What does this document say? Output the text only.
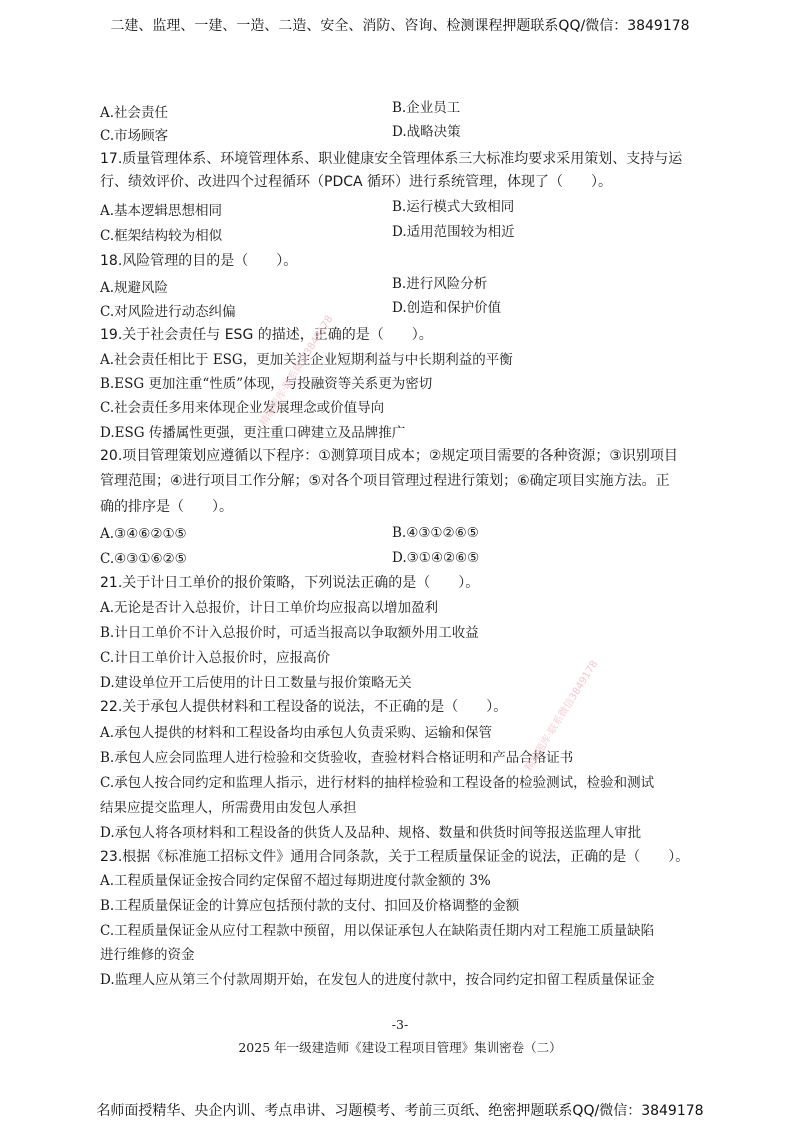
二建、监理、一建、一造、二造、安全、消防、咨询、检测课程押题联系QQ/微信：3849178
A.社会责任	B.企业员工
C.市场顾客	D.战略决策
17.质量管理体系、环境管理体系、职业健康安全管理体系三大标准均要求采用策划、支持与运
行、绩效评价、改进四个过程循环（PDCA 循环）进行系统管理，体现了（　　）。
A.基本逻辑思想相同	B.运行模式大致相同
C.框架结构较为相似	D.适用范围较为相近
18.风险管理的目的是（　　）。
A.规避风险	B.进行风险分析
C.对风险进行动态纠偏	D.创造和保护价值
19.关于社会责任与 ESG 的描述，正确的是（　　）。
A.社会责任相比于 ESG，更加关注企业短期利益与中长期利益的平衡
B.ESG 更加注重“性质”体现，与投融资等关系更为密切
C.社会责任多用来体现企业发展理念或价值导向
D.ESG 传播属性更强，更注重口碑建立及品牌推广
20.项目管理策划应遵循以下程序：①测算项目成本；②规定项目需要的各种资源；③识别项目
管理范围；④进行项目工作分解；⑤对各个项目管理过程进行策划；⑥确定项目实施方法。正
确的排序是（　　）。
A.③④⑥②①⑤	B.④③①②⑥⑤
C.④③①⑥②⑤	D.③①④②⑥⑤
21.关于计日工单价的报价策略，下列说法正确的是（　　）。
A.无论是否计入总报价，计日工单价均应报高以增加盈利
B.计日工单价不计入总报价时，可适当报高以争取额外用工收益
C.计日工单价计入总报价时，应报高价
D.建设单位开工后使用的计日工数量与报价策略无关
22.关于承包人提供材料和工程设备的说法，不正确的是（　　）。
A.承包人提供的材料和工程设备均由承包人负责采购、运输和保管
B.承包人应会同监理人进行检验和交货验收，查验材料合格证明和产品合格证书
C.承包人按合同约定和监理人指示，进行材料的抽样检验和工程设备的检验测试，检验和测试
结果应提交监理人，所需费用由发包人承担
D.承包人将各项材料和工程设备的供货人及品种、规格、数量和供货时间等报送监理人审批
23.根据《标准施工招标文件》通用合同条款，关于工程质量保证金的说法，正确的是（　　）。
A.工程质量保证金按合同约定保留不超过每期进度付款金额的 3%
B.工程质量保证金的计算应包括预付款的支付、扣回及价格调整的金额
C.工程质量保证金从应付工程款中预留，用以保证承包人在缺陷责任期内对工程施工质量缺陷
进行维修的资金
D.监理人应从第三个付款周期开始，在发包人的进度付款中，按合同约定扣留工程质量保证金
精编题库·联系微信3849178
精编题库·联系微信3849178
-3-
2025 年一级建造师《建设工程项目管理》集训密卷（二）
名师面授精华、央企内训、考点串讲、习题模考、考前三页纸、绝密押题联系QQ/微信：3849178
